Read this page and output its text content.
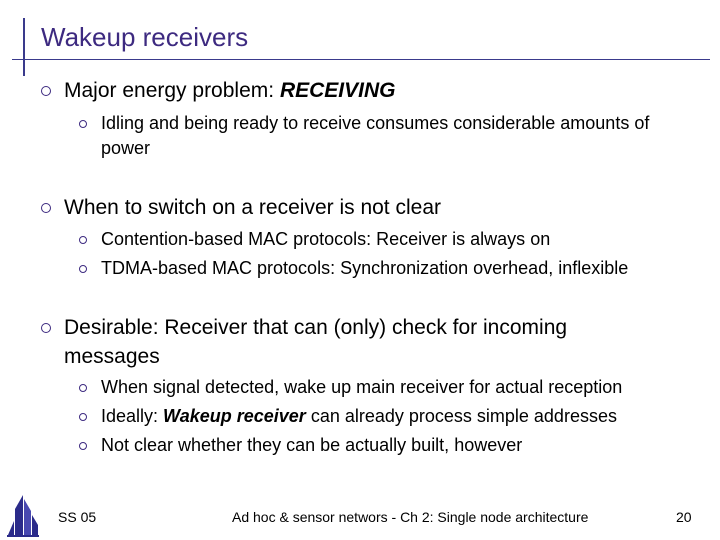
Wakeup receivers
Major energy problem: RECEIVING
Idling and being ready to receive consumes considerable amounts of power
When to switch on a receiver is not clear
Contention-based MAC protocols: Receiver is always on
TDMA-based MAC protocols: Synchronization overhead, inflexible
Desirable: Receiver that can (only) check for incoming messages
When signal detected, wake up main receiver for actual reception
Ideally: Wakeup receiver can already process simple addresses
Not clear whether they can be actually built, however
SS 05	Ad hoc & sensor networs - Ch 2: Single node architecture	20
